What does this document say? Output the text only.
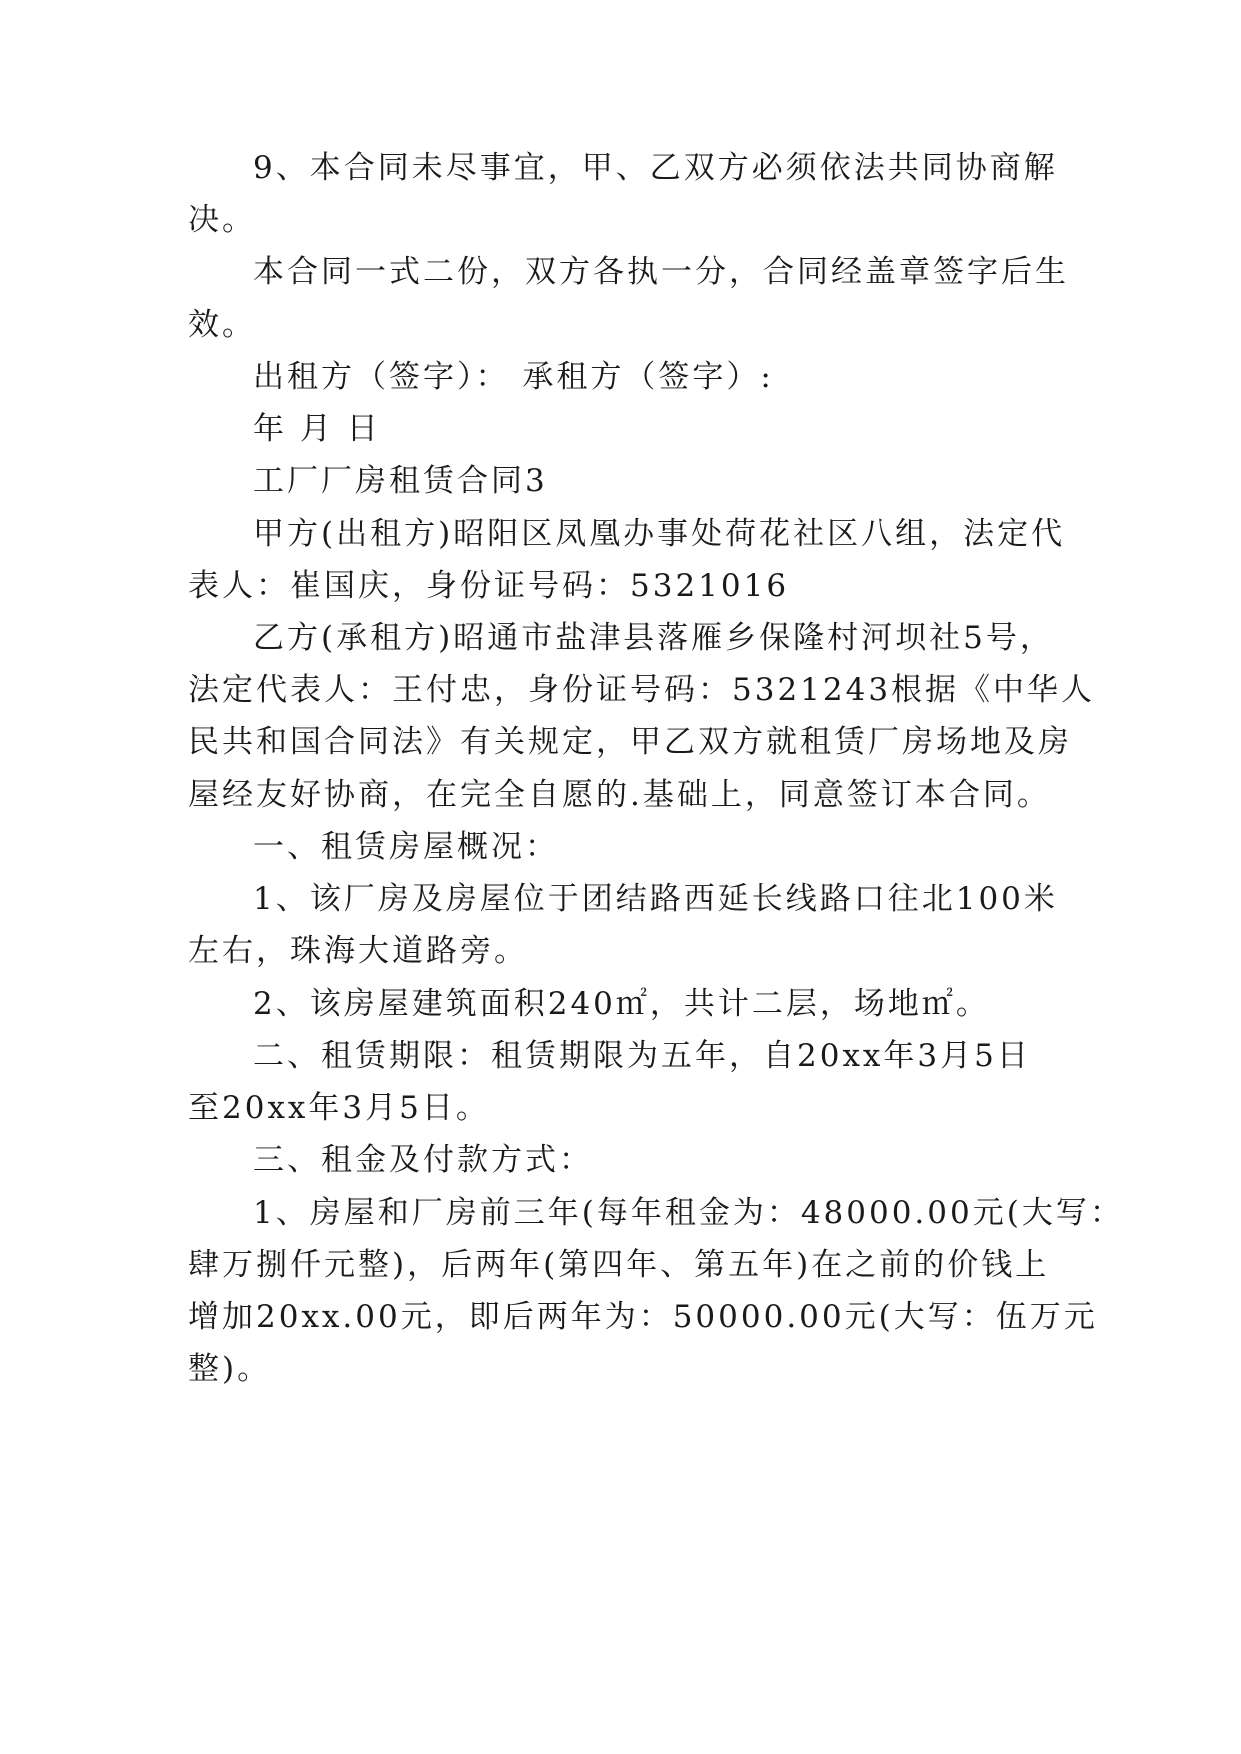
9、本合同未尽事宜，甲、乙双方必须依法共同协商解
决。
本合同一式二份，双方各执一分，合同经盖章签字后生
效。
出租方（签字）： 承租方（签字）:
年 月 日
工厂厂房租赁合同3
甲方(出租方)昭阳区凤凰办事处荷花社区八组，法定代
表人：崔国庆，身份证号码：5321016
乙方(承租方)昭通市盐津县落雁乡保隆村河坝社5号，
法定代表人：王付忠，身份证号码：5321243根据《中华人
民共和国合同法》有关规定，甲乙双方就租赁厂房场地及房
屋经友好协商，在完全自愿的.基础上，同意签订本合同。
一、租赁房屋概况：
1、该厂房及房屋位于团结路西延长线路口往北100米
左右，珠海大道路旁。
2、该房屋建筑面积240㎡，共计二层，场地㎡。
二、租赁期限：租赁期限为五年，自20xx年3月5日
至20xx年3月5日。
三、租金及付款方式：
1、房屋和厂房前三年(每年租金为：48000.00元(大写：
肆万捌仟元整)，后两年(第四年、第五年)在之前的价钱上
增加20xx.00元，即后两年为：50000.00元(大写：伍万元
整)。
